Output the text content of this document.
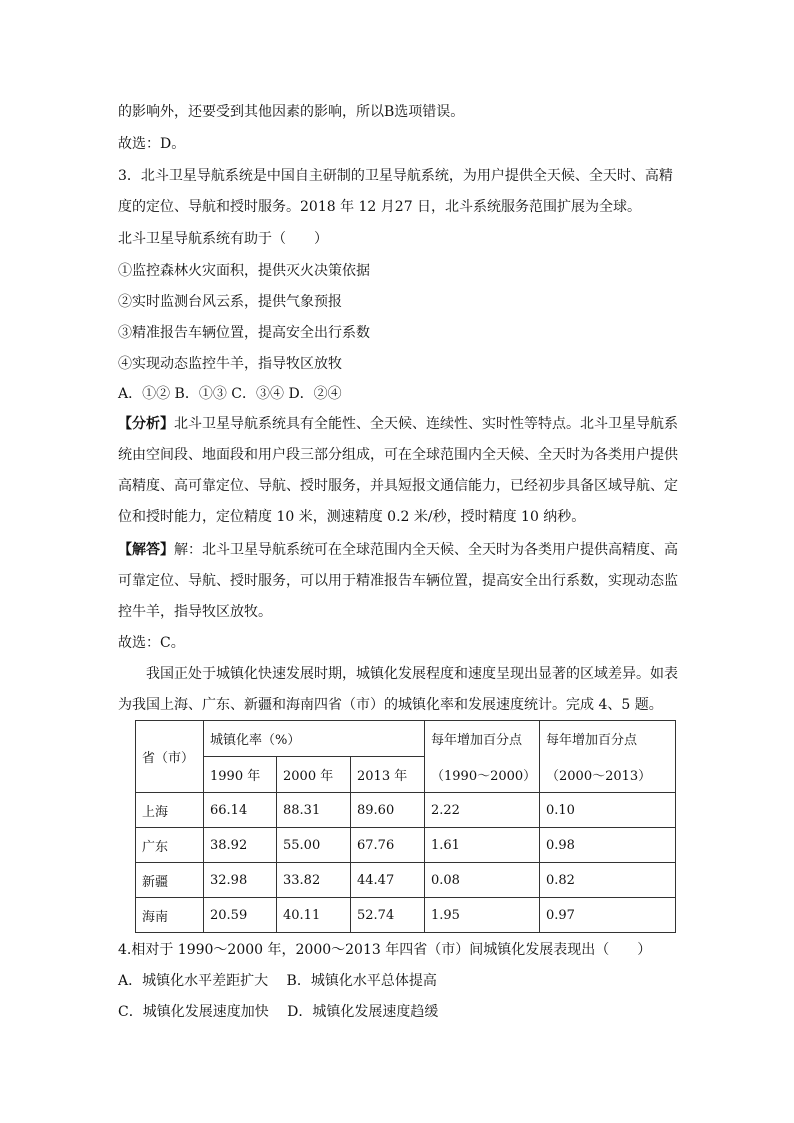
的影响外，还要受到其他因素的影响，所以B选项错误。
故选：D。
3．北斗卫星导航系统是中国自主研制的卫星导航系统，为用户提供全天候、全天时、高精
度的定位、导航和授时服务。2018 年 12 月27 日，北斗系统服务范围扩展为全球。
北斗卫星导航系统有助于（　　）
①监控森林火灾面积，提供灭火决策依据
②实时监测台风云系，提供气象预报
③精准报告车辆位置，提高安全出行系数
④实现动态监控牛羊，指导牧区放牧
A．①② B．①③ C．③④ D．②④
【分析】北斗卫星导航系统具有全能性、全天候、连续性、实时性等特点。北斗卫星导航系
统由空间段、地面段和用户段三部分组成，可在全球范围内全天候、全天时为各类用户提供
高精度、高可靠定位、导航、授时服务，并具短报文通信能力，已经初步具备区域导航、定
位和授时能力，定位精度 10 米，测速精度 0.2 米/秒，授时精度 10 纳秒。
【解答】解：北斗卫星导航系统可在全球范围内全天候、全天时为各类用户提供高精度、高
可靠定位、导航、授时服务，可以用于精准报告车辆位置，提高安全出行系数，实现动态监
控牛羊，指导牧区放牧。
故选：C。
我国正处于城镇化快速发展时期，城镇化发展程度和速度呈现出显著的区域差异。如表
为我国上海、广东、新疆和海南四省（市）的城镇化率和发展速度统计。完成 4、5 题。
省（市）	城镇化率（%）			每年增加百分点	每年增加百分点
	1990 年	2000 年	2013 年	（1990～2000）	（2000～2013）
上海	66.14	88.31	89.60	2.22	0.10
广东	38.92	55.00	67.76	1.61	0.98
新疆	32.98	33.82	44.47	0.08	0.82
海南	20.59	40.11	52.74	1.95	0.97
4.相对于 1990～2000 年，2000～2013 年四省（市）间城镇化发展表现出（　　）
A．城镇化水平差距扩大　 B．城镇化水平总体提高
C．城镇化发展速度加快　 D．城镇化发展速度趋缓
